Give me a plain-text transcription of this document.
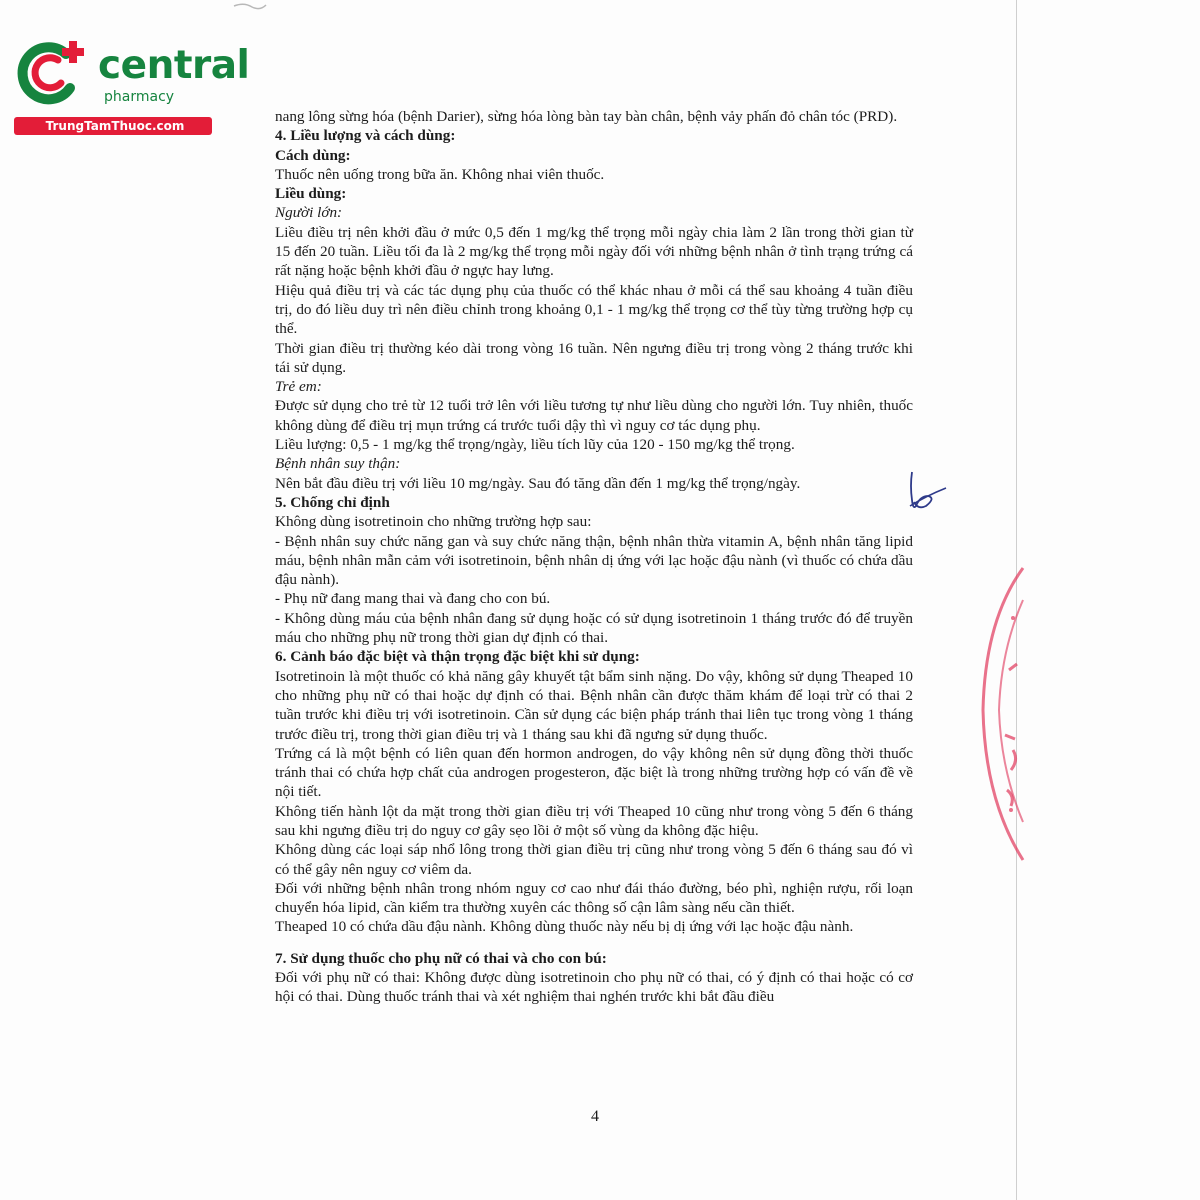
central
pharmacy
TrungTamThuoc.com

nang lông sừng hóa (bệnh Darier), sừng hóa lòng bàn tay bàn chân, bệnh vảy phấn đỏ chân tóc (PRD).

4. Liều lượng và cách dùng:

Cách dùng:

Thuốc nên uống trong bữa ăn. Không nhai viên thuốc.

Liều dùng:

Người lớn:

Liều điều trị nên khởi đầu ở mức 0,5 đến 1 mg/kg thể trọng mỗi ngày chia làm 2 lần trong thời gian từ 15 đến 20 tuần. Liều tối đa là 2 mg/kg thể trọng mỗi ngày đối với những bệnh nhân ở tình trạng trứng cá rất nặng hoặc bệnh khởi đầu ở ngực hay lưng.

Hiệu quả điều trị và các tác dụng phụ của thuốc có thể khác nhau ở mỗi cá thể sau khoảng 4 tuần điều trị, do đó liều duy trì nên điều chỉnh trong khoảng 0,1 - 1 mg/kg thể trọng cơ thể tùy từng trường hợp cụ thể.

Thời gian điều trị thường kéo dài trong vòng 16 tuần. Nên ngưng điều trị trong vòng 2 tháng trước khi tái sử dụng.

Trẻ em:

Được sử dụng cho trẻ từ 12 tuổi trở lên với liều tương tự như liều dùng cho người lớn. Tuy nhiên, thuốc không dùng để điều trị mụn trứng cá trước tuổi dậy thì vì nguy cơ tác dụng phụ.

Liều lượng: 0,5 - 1 mg/kg thể trọng/ngày, liều tích lũy của 120 - 150 mg/kg thể trọng.

Bệnh nhân suy thận:

Nên bắt đầu điều trị với liều 10 mg/ngày. Sau đó tăng dần đến 1 mg/kg thể trọng/ngày.

5. Chống chỉ định

Không dùng isotretinoin cho những trường hợp sau:

- Bệnh nhân suy chức năng gan và suy chức năng thận, bệnh nhân thừa vitamin A, bệnh nhân tăng lipid máu, bệnh nhân mẫn cảm với isotretinoin, bệnh nhân dị ứng với lạc hoặc đậu nành (vì thuốc có chứa dầu đậu nành).

- Phụ nữ đang mang thai và đang cho con bú.

- Không dùng máu của bệnh nhân đang sử dụng hoặc có sử dụng isotretinoin 1 tháng trước đó để truyền máu cho những phụ nữ trong thời gian dự định có thai.

6. Cảnh báo đặc biệt và thận trọng đặc biệt khi sử dụng:

Isotretinoin là một thuốc có khả năng gây khuyết tật bẩm sinh nặng. Do vậy, không sử dụng Theaped 10 cho những phụ nữ có thai hoặc dự định có thai. Bệnh nhân cần được thăm khám để loại trừ có thai 2 tuần trước khi điều trị với isotretinoin. Cần sử dụng các biện pháp tránh thai liên tục trong vòng 1 tháng trước điều trị, trong thời gian điều trị và 1 tháng sau khi đã ngưng sử dụng thuốc.

Trứng cá là một bệnh có liên quan đến hormon androgen, do vậy không nên sử dụng đồng thời thuốc tránh thai có chứa hợp chất của androgen progesteron, đặc biệt là trong những trường hợp có vấn đề về nội tiết.

Không tiến hành lột da mặt trong thời gian điều trị với Theaped 10 cũng như trong vòng 5 đến 6 tháng sau khi ngưng điều trị do nguy cơ gây sẹo lồi ở một số vùng da không đặc hiệu.

Không dùng các loại sáp nhổ lông trong thời gian điều trị cũng như trong vòng 5 đến 6 tháng sau đó vì có thể gây nên nguy cơ viêm da.

Đối với những bệnh nhân trong nhóm nguy cơ cao như đái tháo đường, béo phì, nghiện rượu, rối loạn chuyển hóa lipid, cần kiểm tra thường xuyên các thông số cận lâm sàng nếu cần thiết.

Theaped 10 có chứa dầu đậu nành. Không dùng thuốc này nếu bị dị ứng với lạc hoặc đậu nành.

7. Sử dụng thuốc cho phụ nữ có thai và cho con bú:

Đối với phụ nữ có thai: Không được dùng isotretinoin cho phụ nữ có thai, có ý định có thai hoặc có cơ hội có thai. Dùng thuốc tránh thai và xét nghiệm thai nghén trước khi bắt đầu điều

4
